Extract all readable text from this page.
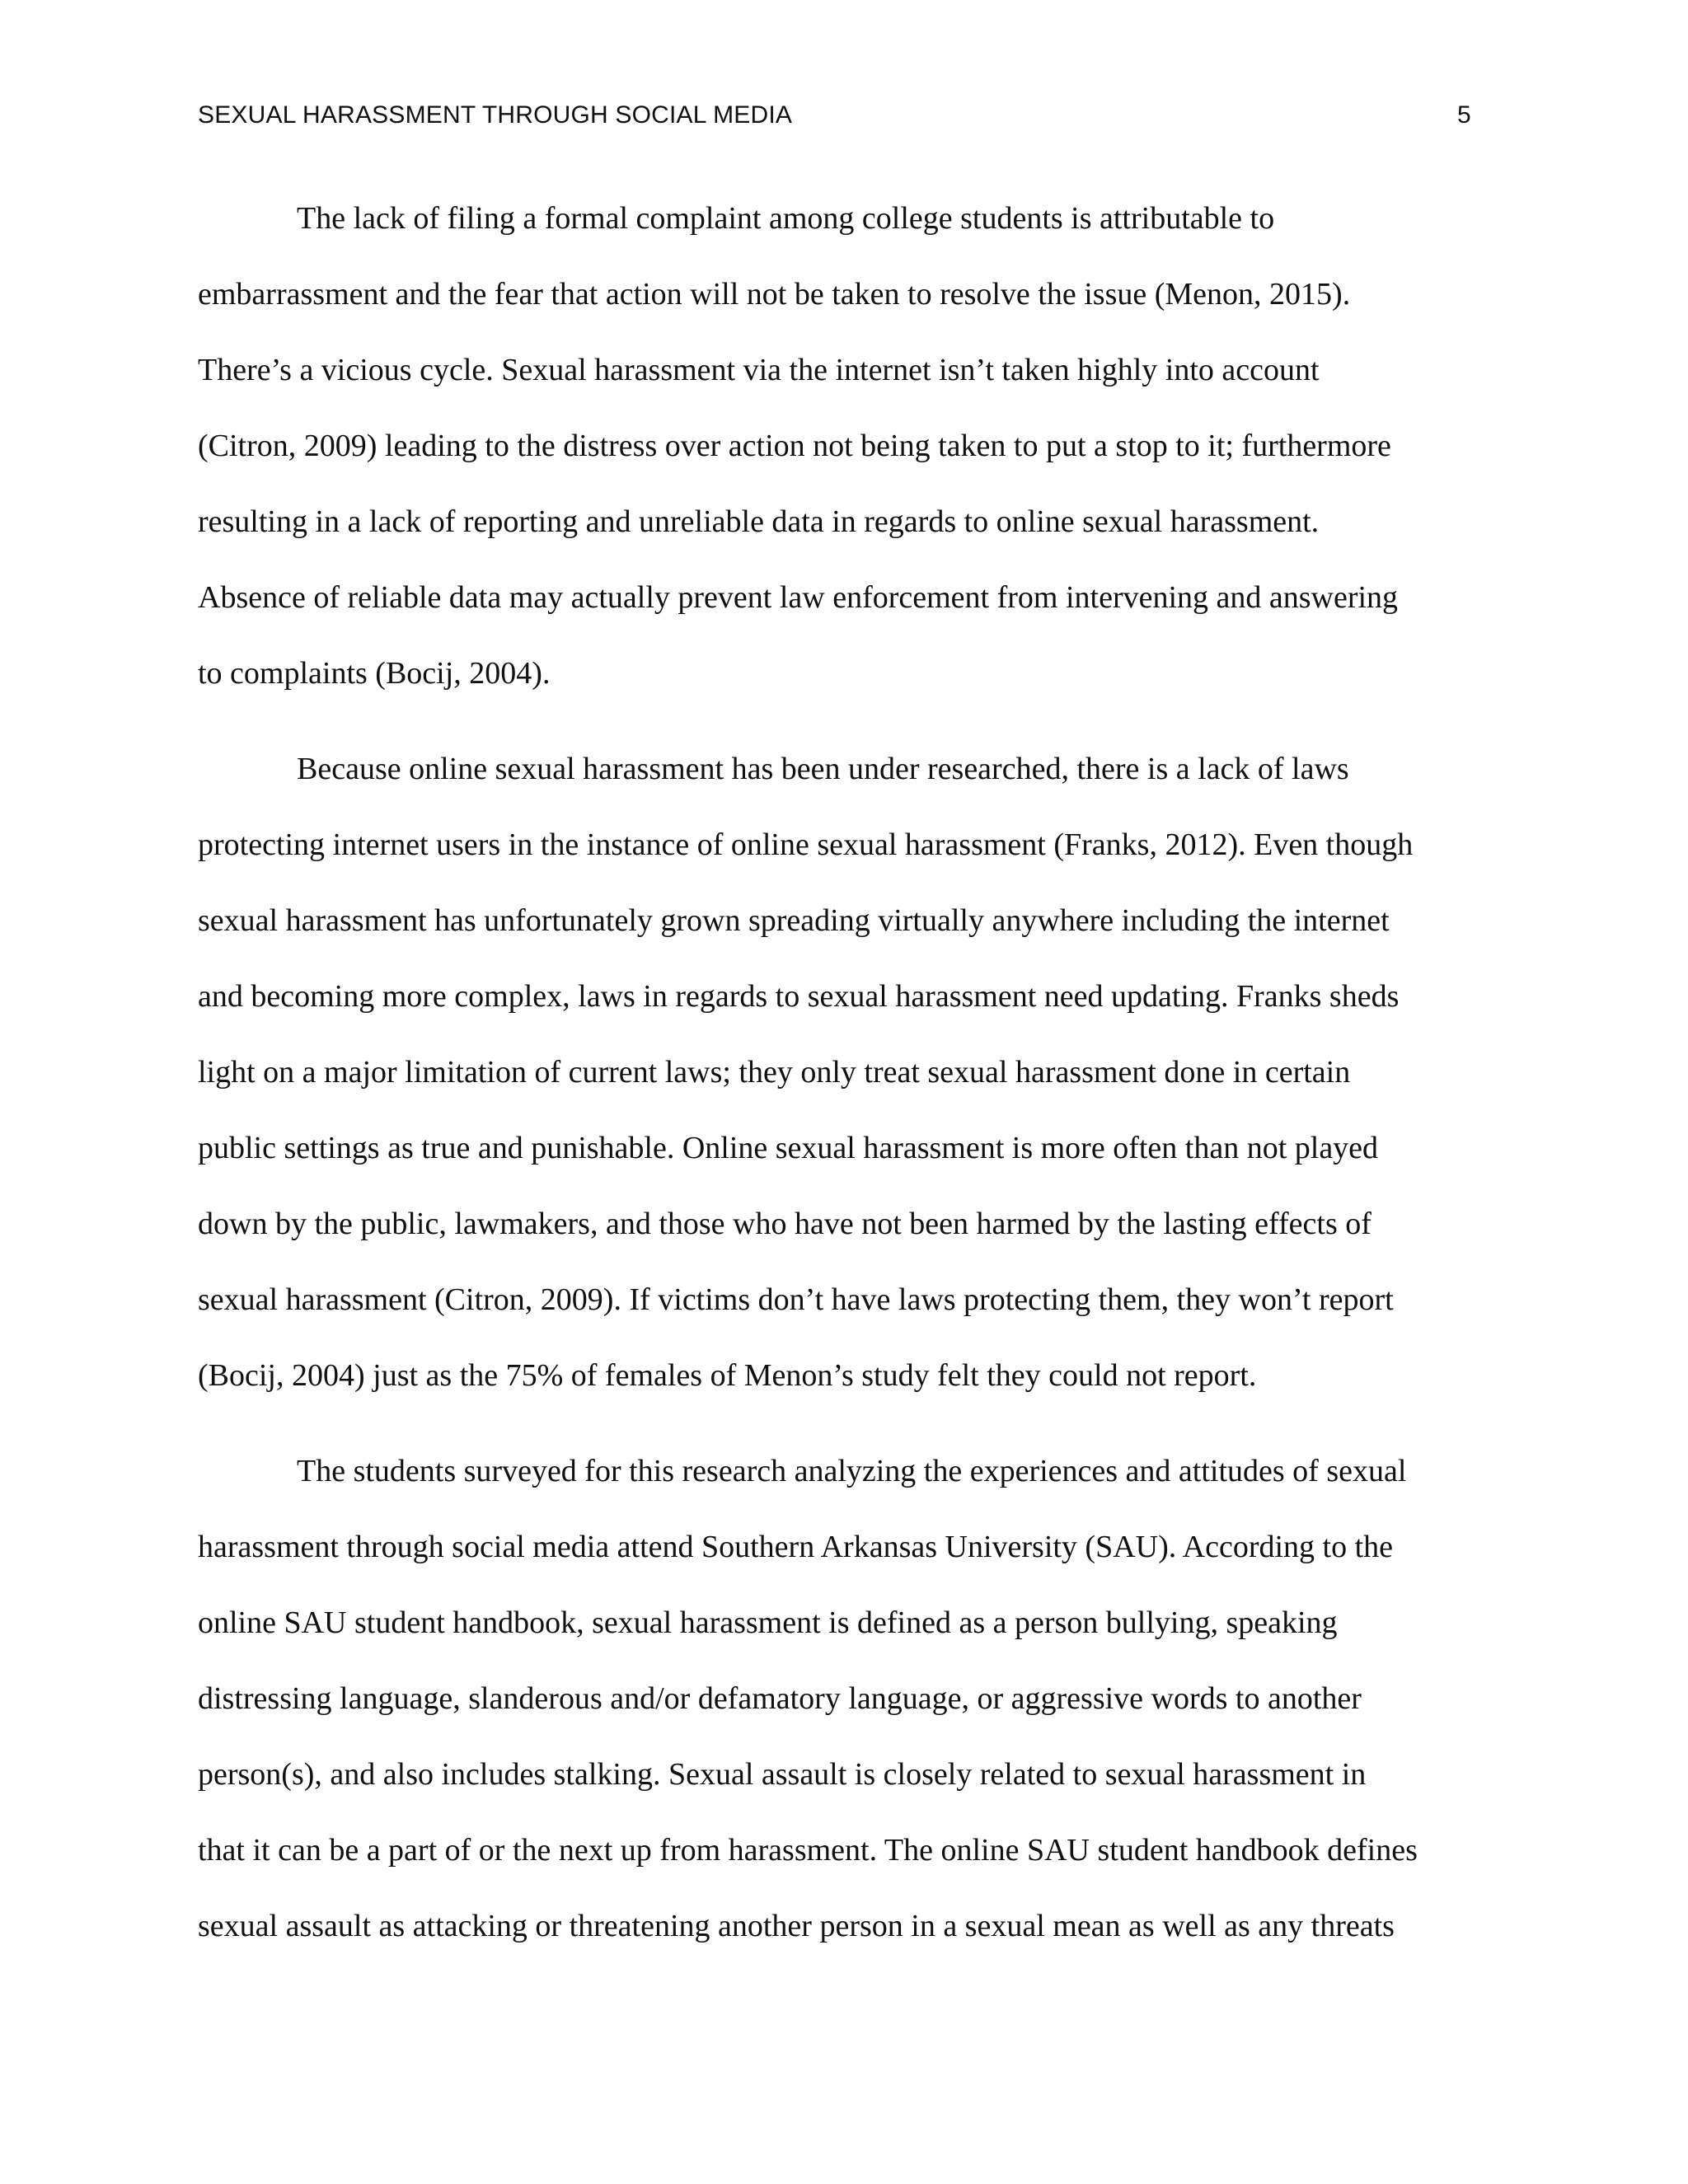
SEXUAL HARASSMENT THROUGH SOCIAL MEDIA	5
The lack of filing a formal complaint among college students is attributable to
embarrassment and the fear that action will not be taken to resolve the issue (Menon, 2015).
There’s a vicious cycle. Sexual harassment via the internet isn’t taken highly into account
(Citron, 2009) leading to the distress over action not being taken to put a stop to it; furthermore
resulting in a lack of reporting and unreliable data in regards to online sexual harassment.
Absence of reliable data may actually prevent law enforcement from intervening and answering
to complaints (Bocij, 2004).
Because online sexual harassment has been under researched, there is a lack of laws
protecting internet users in the instance of online sexual harassment (Franks, 2012). Even though
sexual harassment has unfortunately grown spreading virtually anywhere including the internet
and becoming more complex, laws in regards to sexual harassment need updating. Franks sheds
light on a major limitation of current laws; they only treat sexual harassment done in certain
public settings as true and punishable. Online sexual harassment is more often than not played
down by the public, lawmakers, and those who have not been harmed by the lasting effects of
sexual harassment (Citron, 2009). If victims don’t have laws protecting them, they won’t report
(Bocij, 2004) just as the 75% of females of Menon’s study felt they could not report.
The students surveyed for this research analyzing the experiences and attitudes of sexual
harassment through social media attend Southern Arkansas University (SAU). According to the
online SAU student handbook, sexual harassment is defined as a person bullying, speaking
distressing language, slanderous and/or defamatory language, or aggressive words to another
person(s), and also includes stalking. Sexual assault is closely related to sexual harassment in
that it can be a part of or the next up from harassment. The online SAU student handbook defines
sexual assault as attacking or threatening another person in a sexual mean as well as any threats
